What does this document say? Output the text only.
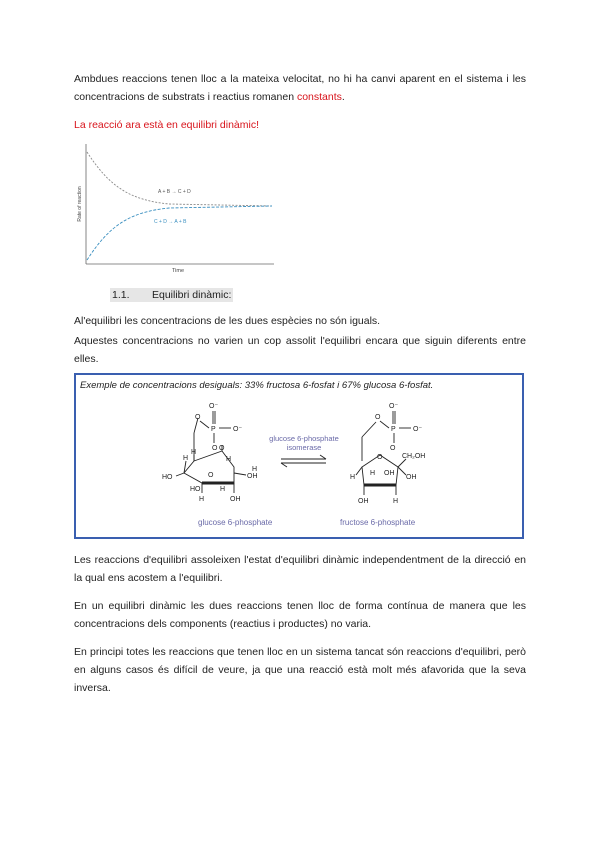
Ambdues reaccions tenen lloc a la mateixa velocitat, no hi ha canvi aparent en el sistema i les concentracions de substrats i reactius romanen constants.

La reacció ara està en equilibri dinàmic!

Rate of reaction
Time
A + B → C + D
C + D → A + B
1.1. Equilibri dinàmic:

Al'equilibri les concentracions de les dues espècies no són iguals.

Aquestes concentracions no varien un cop assolit l'equilibri encara que siguin diferents entre elles.

Exemple de concentracions desiguals: 33% fructosa 6-fosfat i 67% glucosa 6-fosfat.
O⁻
O⁻
P
O
O
O
H
H
HO	OH
OH
H
HO	H
H
O
H
glucose 6-phosphate
glucose 6-phosphate
isomerase
O⁻
O⁻
P
O
O
O	CH₂OH
OH
OH	H
H
H OH
fructose 6-phosphate

Les reaccions d'equilibri assoleixen l'estat d'equilibri dinàmic independentment de la direcció en la qual ens acostem a l'equilibri.

En un equilibri dinàmic les dues reaccions tenen lloc de forma contínua de manera que les concentracions dels components (reactius i productes) no varia.

En principi totes les reaccions que tenen lloc en un sistema tancat són reaccions d'equilibri, però en alguns casos és difícil de veure, ja que una reacció està molt més afavorida que la seva inversa.
